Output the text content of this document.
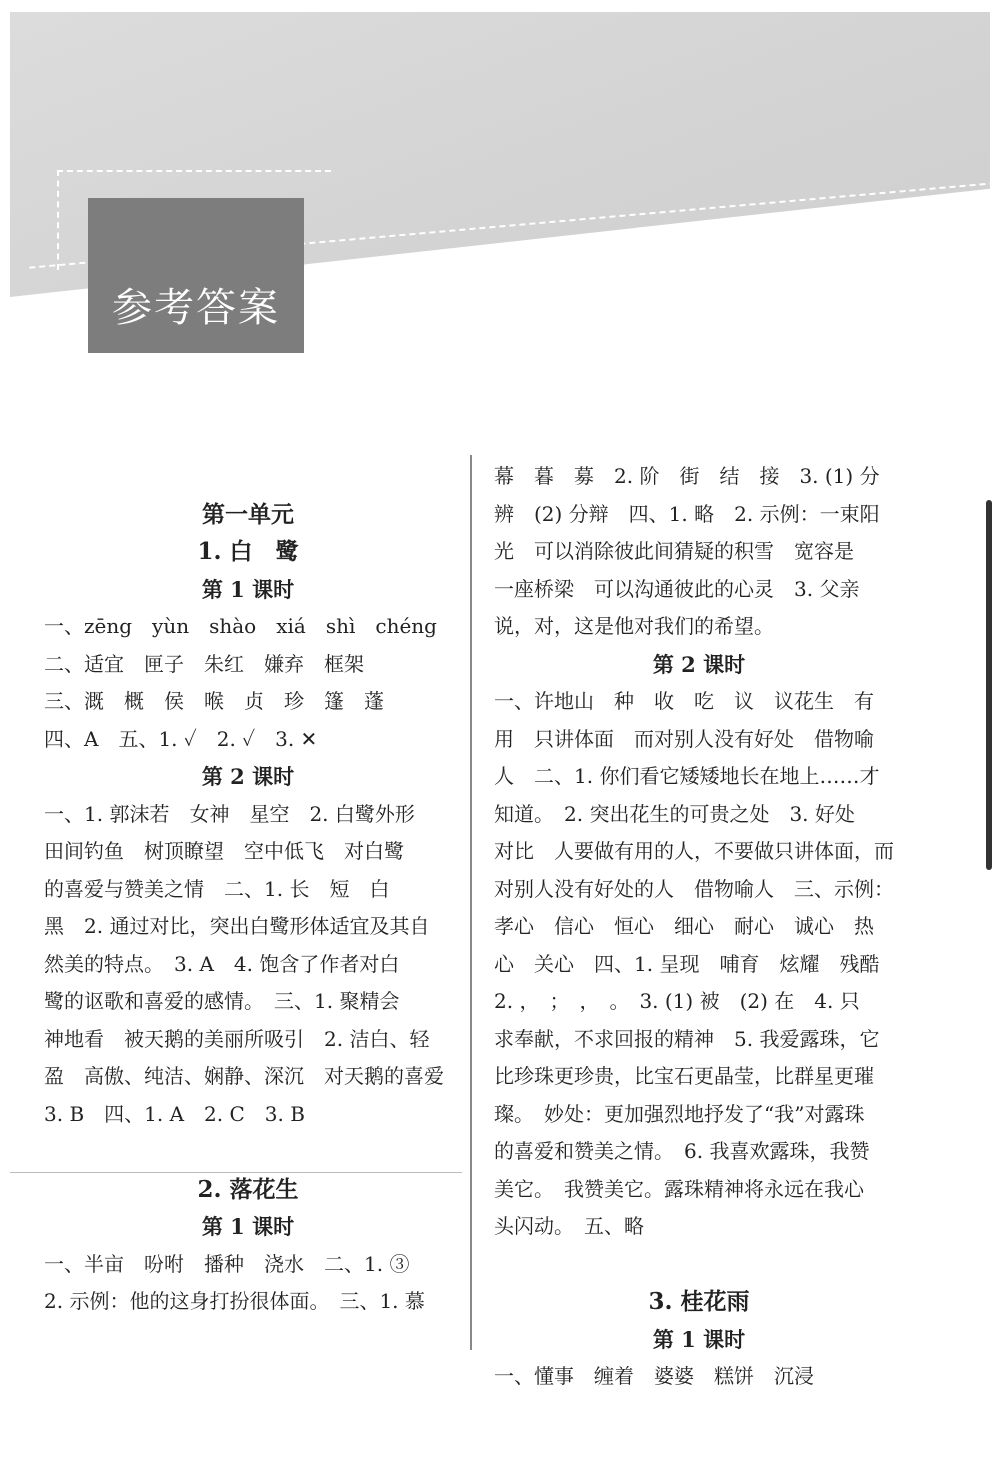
参考答案

第一单元

1. 白　鹭

第 1 课时

一、zēng　yùn　shào　xiá　shì　chéng

二、适宜　匣子　朱红　嫌弃　框架

三、溉　概　侯　喉　贞　珍　篷　蓬

四、A　五、1. ✓　2. ✓　3. ✕

第 2 课时

一、1. 郭沫若　女神　星空　2. 白鹭外形

田间钓鱼　树顶瞭望　空中低飞　对白鹭

的喜爱与赞美之情　二、1. 长　短　白

黑　2. 通过对比，突出白鹭形体适宜及其自

然美的特点。　3. A　4. 饱含了作者对白

鹭的讴歌和喜爱的感情。　三、1. 聚精会

神地看　被天鹅的美丽所吸引　2. 洁白、轻

盈　高傲、纯洁、娴静、深沉　对天鹅的喜爱

3. B　四、1. A　2. C　3. B

2. 落花生

第 1 课时

一、半亩　吩咐　播种　浇水　二、1. ③

2. 示例：他的这身打扮很体面。　三、1. 慕

幕　暮　募　2. 阶　街　结　接　3. (1) 分

辨　(2) 分辩　四、1. 略　2. 示例：一束阳

光　可以消除彼此间猜疑的积雪　宽容是

一座桥梁　可以沟通彼此的心灵　3. 父亲

说，对，这是他对我们的希望。

第 2 课时

一、许地山　种　收　吃　议　议花生　有

用　只讲体面　而对别人没有好处　借物喻

人　二、1. 你们看它矮矮地长在地上……才

知道。　2. 突出花生的可贵之处　3. 好处

对比　人要做有用的人，不要做只讲体面，而

对别人没有好处的人　借物喻人　三、示例：

孝心　信心　恒心　细心　耐心　诚心　热

心　关心　四、1. 呈现　哺育　炫耀　残酷

2. ，　；　，　。　3. (1) 被　(2) 在　4. 只

求奉献，不求回报的精神　5. 我爱露珠，它

比珍珠更珍贵，比宝石更晶莹，比群星更璀

璨。　妙处：更加强烈地抒发了“我”对露珠

的喜爱和赞美之情。　6. 我喜欢露珠，我赞

美它。　我赞美它。露珠精神将永远在我心

头闪动。　五、略

3. 桂花雨

第 1 课时

一、懂事　缠着　婆婆　糕饼　沉浸
